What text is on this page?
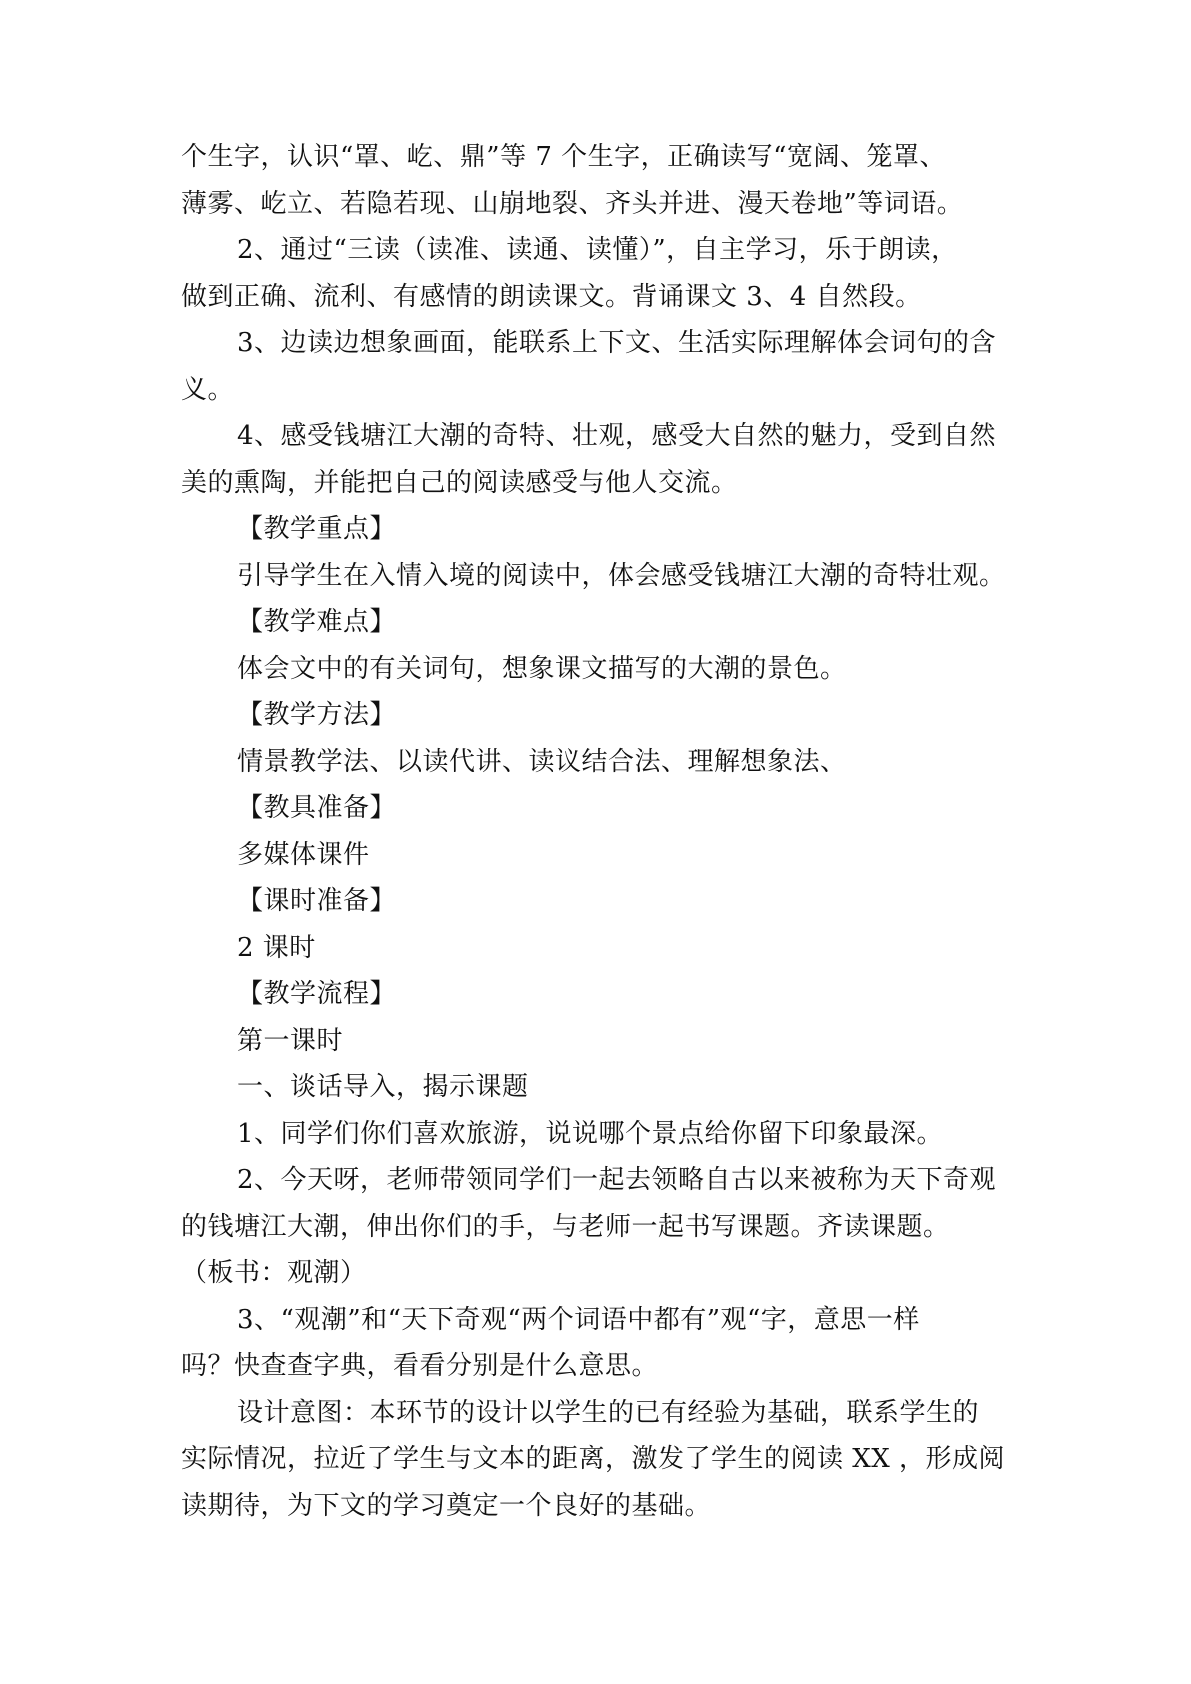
个生字，认识“罩、屹、鼎”等 7 个生字，正确读写“宽阔、笼罩、
薄雾、屹立、若隐若现、山崩地裂、齐头并进、漫天卷地”等词语。

2、通过“三读（读准、读通、读懂）”，自主学习，乐于朗读，
做到正确、流利、有感情的朗读课文。背诵课文 3、4 自然段。

3、边读边想象画面，能联系上下文、生活实际理解体会词句的含
义。

4、感受钱塘江大潮的奇特、壮观，感受大自然的魅力，受到自然
美的熏陶，并能把自己的阅读感受与他人交流。

【教学重点】

引导学生在入情入境的阅读中，体会感受钱塘江大潮的奇特壮观。

【教学难点】

体会文中的有关词句，想象课文描写的大潮的景色。

【教学方法】

情景教学法、以读代讲、读议结合法、理解想象法、

【教具准备】

多媒体课件

【课时准备】

2 课时

【教学流程】

第一课时

一、谈话导入，揭示课题

1、同学们你们喜欢旅游，说说哪个景点给你留下印象最深。

2、今天呀，老师带领同学们一起去领略自古以来被称为天下奇观
的钱塘江大潮，伸出你们的手，与老师一起书写课题。齐读课题。
（板书：观潮）

3、“观潮”和“天下奇观“两个词语中都有”观“字，意思一样
吗？快查查字典，看看分别是什么意思。

设计意图：本环节的设计以学生的已有经验为基础，联系学生的
实际情况，拉近了学生与文本的距离，激发了学生的阅读 XX ，形成阅
读期待，为下文的学习奠定一个良好的基础。
